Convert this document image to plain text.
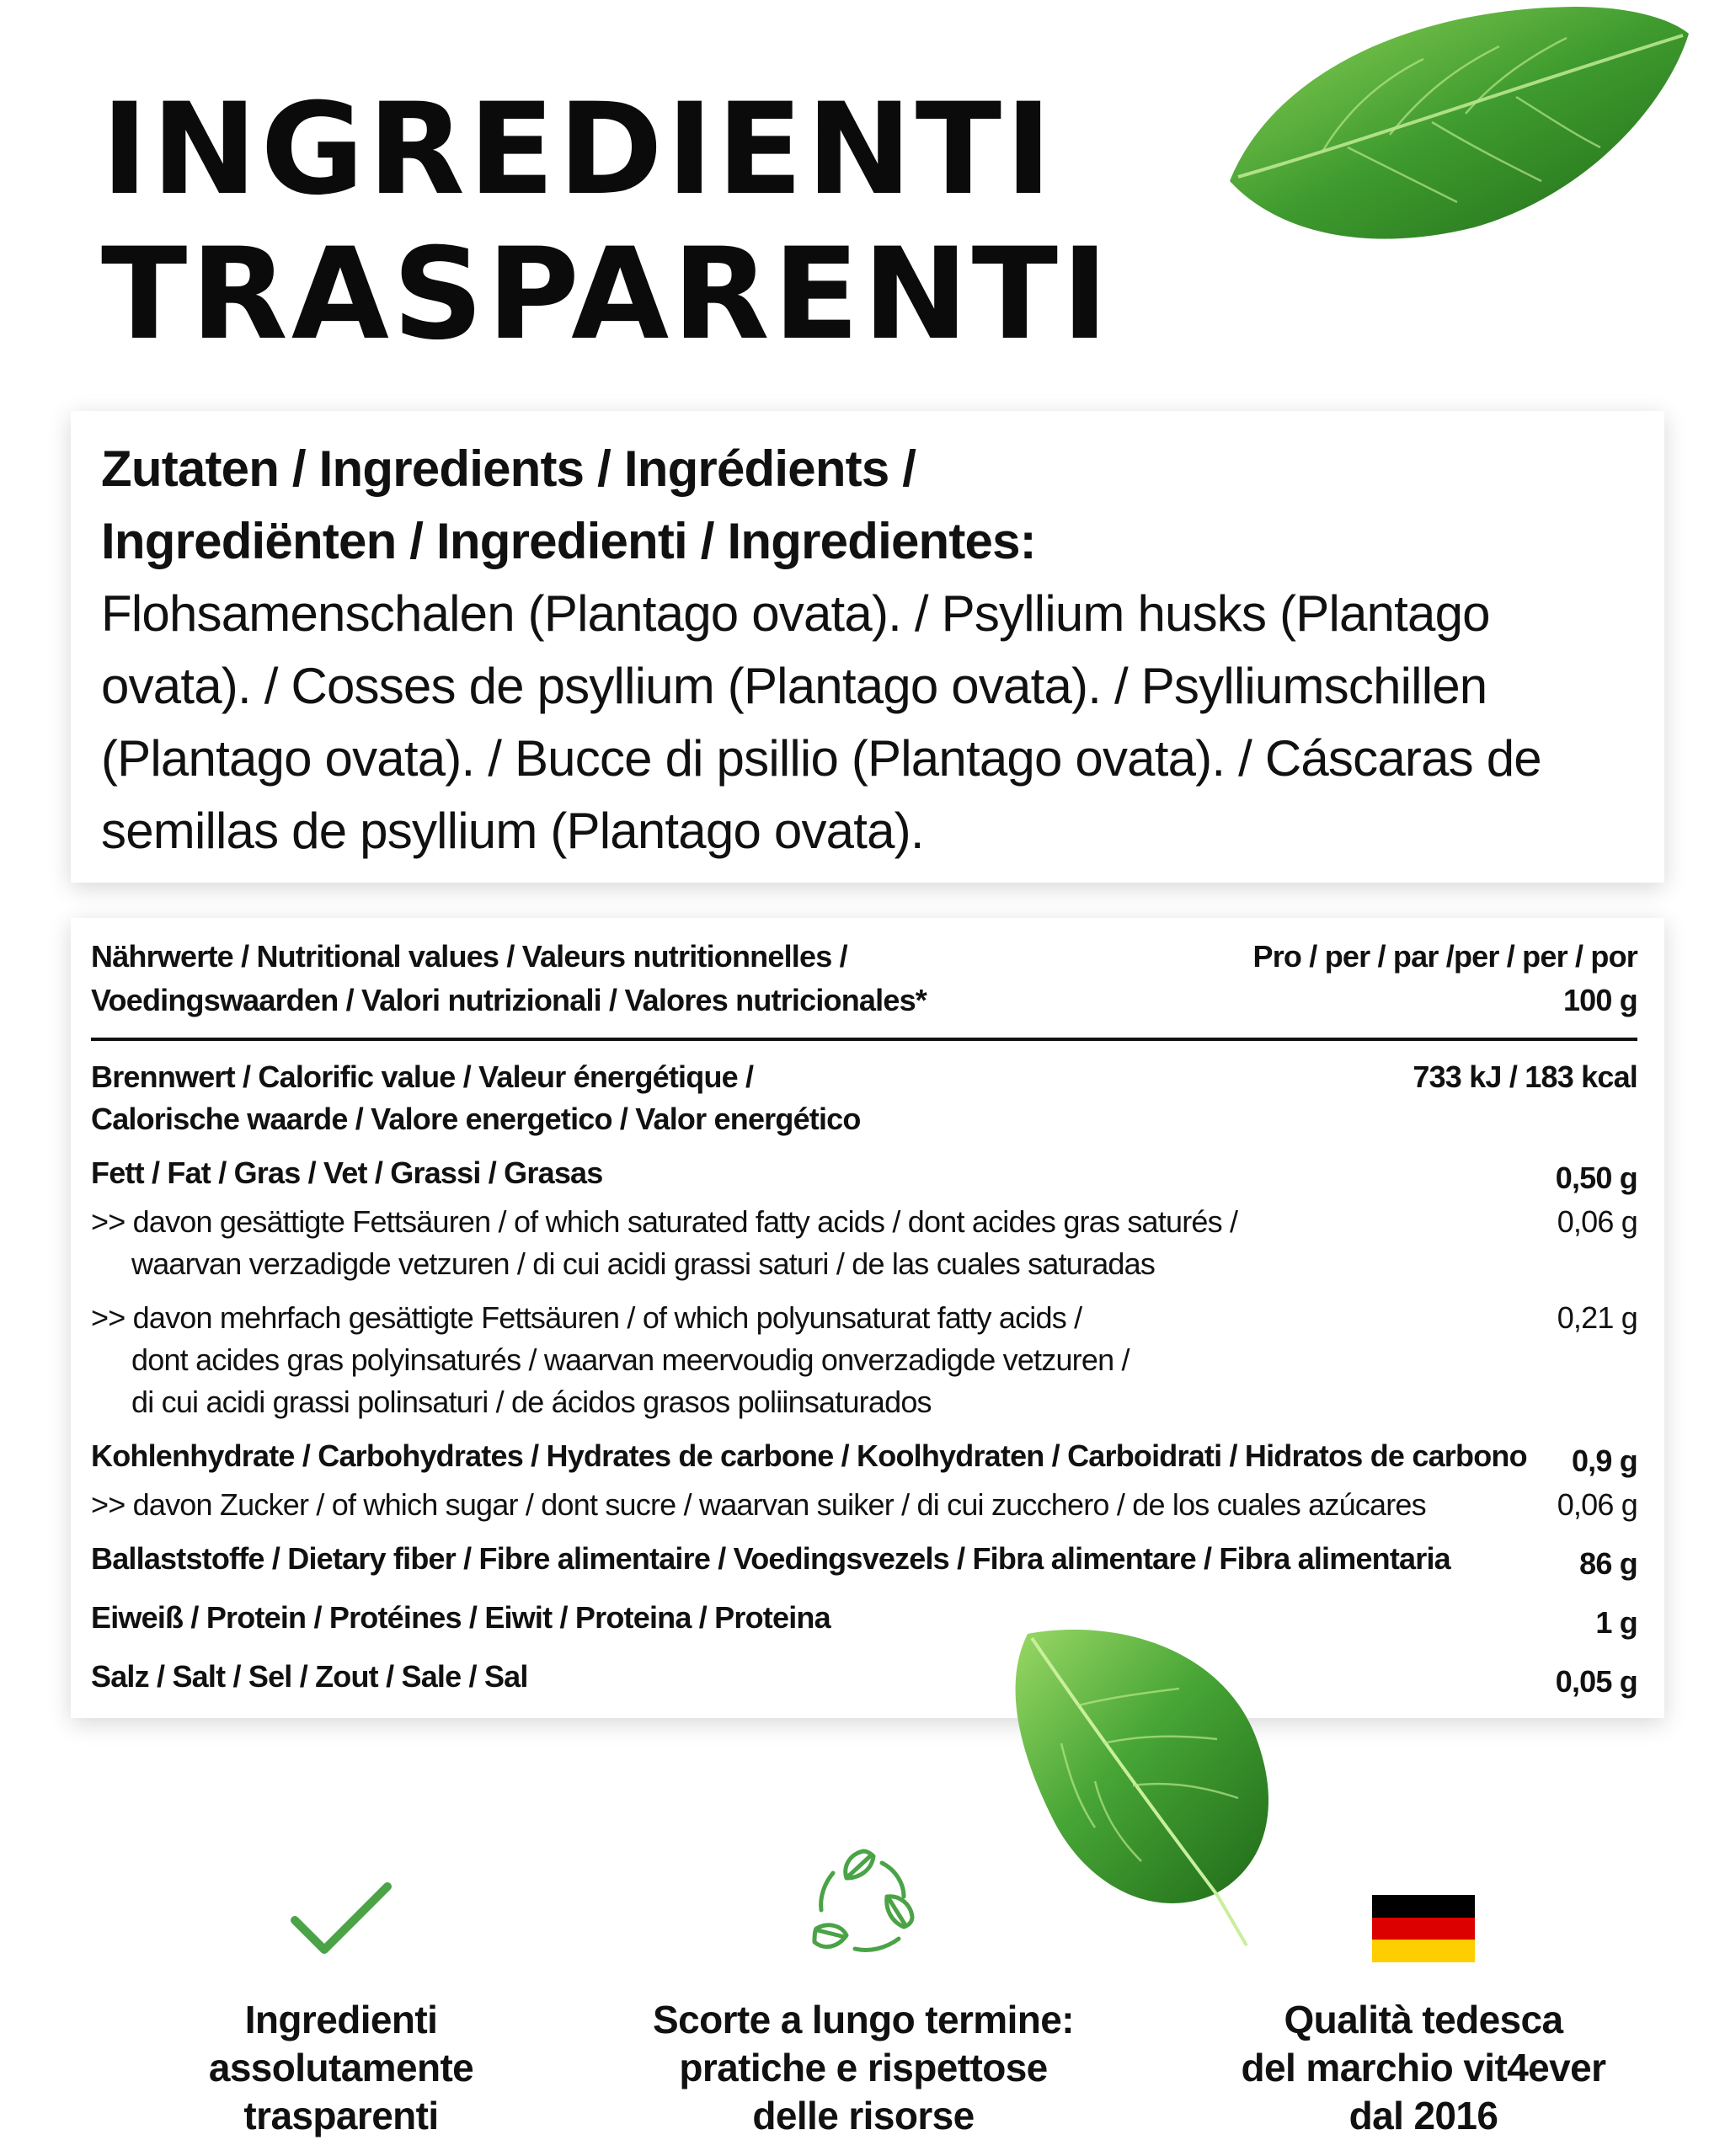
INGREDIENTI
TRASPARENTI
Zutaten / Ingredients / Ingrédients /
Ingrediënten / Ingredienti / Ingredientes:
Flohsamenschalen (Plantago ovata). / Psyllium husks (Plantago
ovata). / Cosses de psyllium (Plantago ovata). / Psylliumschillen
(Plantago ovata). / Bucce di psillio (Plantago ovata). / Cáscaras de
semillas de psyllium (Plantago ovata).
Nährwerte / Nutritional values / Valeurs nutritionnelles /
Voedingswaarden / Valori nutrizionali / Valores nutricionales*
Pro / per / par /per / per / por
100 g
Brennwert / Calorific value / Valeur énergétique /
Calorische waarde / Valore energetico / Valor energético
733 kJ / 183 kcal
Fett / Fat / Gras / Vet / Grassi / Grasas	0,50 g
>> davon gesättigte Fettsäuren / of which saturated fatty acids / dont acides gras saturés /
waarvan verzadigde vetzuren / di cui acidi grassi saturi / de las cuales saturadas
0,06 g
>> davon mehrfach gesättigte Fettsäuren / of which polyunsaturat fatty acids /
dont acides gras polyinsaturés / waarvan meervoudig onverzadigde vetzuren /
di cui acidi grassi polinsaturi / de ácidos grasos poliinsaturados
0,21 g
Kohlenhydrate / Carbohydrates / Hydrates de carbone / Koolhydraten / Carboidrati / Hidratos de carbono 0,9 g
>> davon Zucker / of which sugar / dont sucre / waarvan suiker / di cui zucchero / de los cuales azúcares	0,06 g
Ballaststoffe / Dietary fiber / Fibre alimentaire / Voedingsvezels / Fibra alimentare / Fibra alimentaria	86 g
Eiweiß / Protein / Protéines / Eiwit / Proteina / Proteina	1 g
Salz / Salt / Sel / Zout / Sale / Sal	0,05 g
Ingredienti
assolutamente
trasparenti
Scorte a lungo termine:
pratiche e rispettose
delle risorse
Qualità tedesca
del marchio vit4ever
dal 2016
